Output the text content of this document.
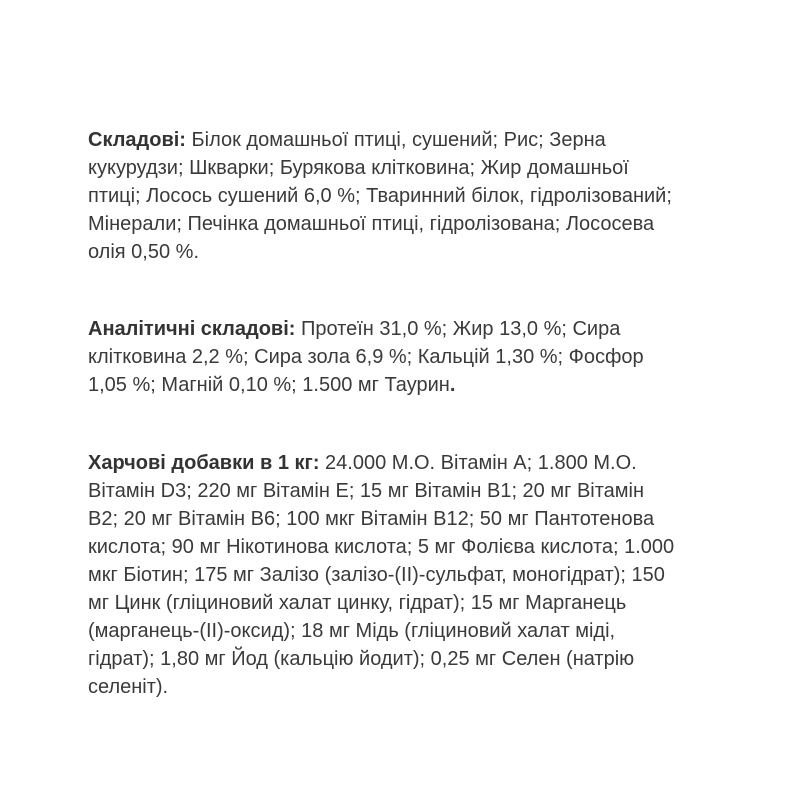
Складові: Білок домашньої птиці, сушений; Рис; Зерна
кукурудзи; Шкварки; Бурякова клітковина; Жир домашньої
птиці; Лосось сушений 6,0 %; Тваринний білок, гідролізований;
Мінерали; Печінка домашньої птиці, гідролізована; Лососева
олія 0,50 %.

Аналітичні складові: Протеїн 31,0 %; Жир 13,0 %; Сира
клітковина 2,2 %; Сира зола 6,9 %; Кальцій 1,30 %; Фосфор
1,05 %; Магній 0,10 %; 1.500 мг Таурин.

Харчові добавки в 1 кг: 24.000 М.О. Вітамін А; 1.800 М.О.
Вітамін D3; 220 мг Вітамін Е; 15 мг Вітамін В1; 20 мг Вітамін
В2; 20 мг Вітамін В6; 100 мкг Вітамін В12; 50 мг Пантотенова
кислота; 90 мг Нікотинова кислота; 5 мг Фолієва кислота; 1.000
мкг Біотин; 175 мг Залізо (залізо-(II)-сульфат, моногідрат); 150
мг Цинк (гліциновий халат цинку, гідрат); 15 мг Марганець
(марганець-(II)-оксид); 18 мг Мідь (гліциновий халат міді,
гідрат); 1,80 мг Йод (кальцію йодит); 0,25 мг Селен (натрію
селеніт).
